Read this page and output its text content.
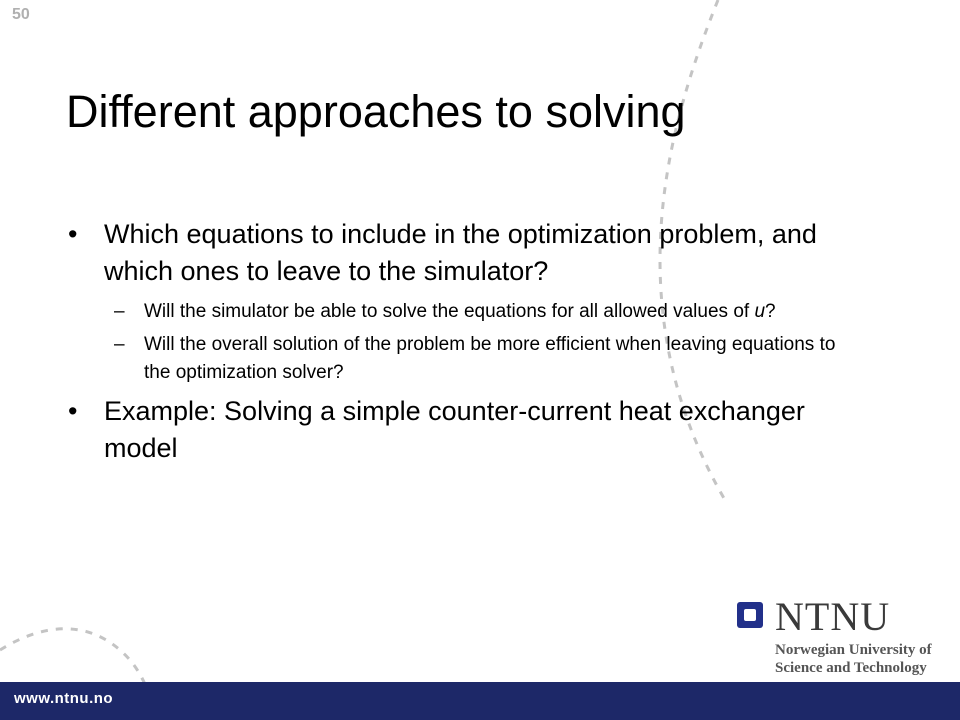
50
Different approaches to solving
• Which equations to include in the optimization problem, and which ones to leave to the simulator?
– Will the simulator be able to solve the equations for all allowed values of u?
– Will the overall solution of the problem be more efficient when leaving equations to the optimization solver?
• Example: Solving a simple counter-current heat exchanger model
NTNU
Norwegian University of
Science and Technology
www.ntnu.no
